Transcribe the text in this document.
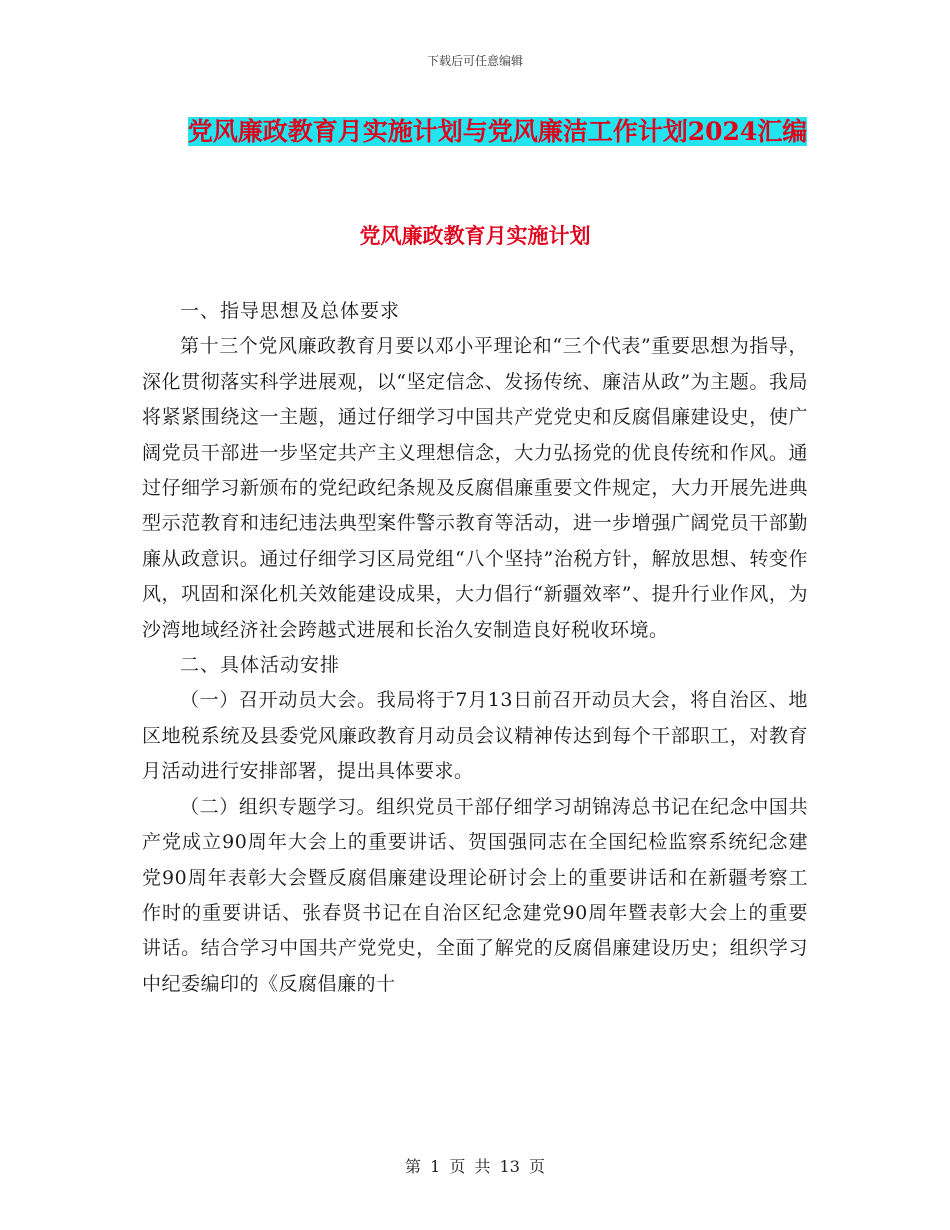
下载后可任意编辑
党风廉政教育月实施计划与党风廉洁工作计划2024汇编
党风廉政教育月实施计划

一、指导思想及总体要求

第十三个党风廉政教育月要以邓小平理论和“三个代表”重要思想为指导，深化贯彻落实科学进展观，以“坚定信念、发扬传统、廉洁从政”为主题。我局将紧紧围绕这一主题，通过仔细学习中国共产党党史和反腐倡廉建设史，使广阔党员干部进一步坚定共产主义理想信念，大力弘扬党的优良传统和作风。通过仔细学习新颁布的党纪政纪条规及反腐倡廉重要文件规定，大力开展先进典型示范教育和违纪违法典型案件警示教育等活动，进一步增强广阔党员干部勤廉从政意识。通过仔细学习区局党组“八个坚持”治税方针，解放思想、转变作风，巩固和深化机关效能建设成果，大力倡行“新疆效率”、提升行业作风，为沙湾地域经济社会跨越式进展和长治久安制造良好税收环境。

二、具体活动安排

（一）召开动员大会。我局将于7月13日前召开动员大会，将自治区、地区地税系统及县委党风廉政教育月动员会议精神传达到每个干部职工，对教育月活动进行安排部署，提出具体要求。

（二）组织专题学习。组织党员干部仔细学习胡锦涛总书记在纪念中国共产党成立90周年大会上的重要讲话、贺国强同志在全国纪检监察系统纪念建党90周年表彰大会暨反腐倡廉建设理论研讨会上的重要讲话和在新疆考察工作时的重要讲话、张春贤书记在自治区纪念建党90周年暨表彰大会上的重要讲话。结合学习中国共产党党史，全面了解党的反腐倡廉建设历史；组织学习中纪委编印的《反腐倡廉的十

第 1 页 共 13 页
